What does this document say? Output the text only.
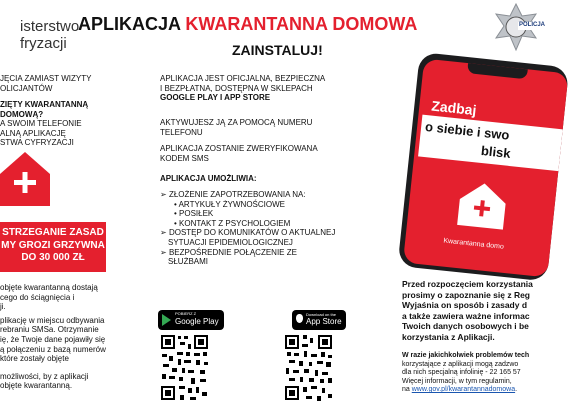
isterstwo
fryzacji
APLIKACJA KWARANTANNA DOMOWA
ZAINSTALUJ!
POLICJA
JĘCIA ZAMIAST WIZYTY
OLICJANTÓW
ZIĘTY KWARANTANNĄ
DOMOWĄ?
A SWOIM TELEFONIE
ALNĄ APLIKACJĘ
STWA CYFRYZACJI
STRZEGANIE ZASAD
MY GROZI GRZYWNA
DO 30 000 ZŁ
objęte kwarantanną dostają
cego do ściągnięcia i
ji.
plikację w miejscu odbywania
rebraniu SMSa. Otrzymanie
ię, że Twoje dane pojawiły się
ą połączeniu z bazą numerów
które zostały objęte
możliwości, by z aplikacji
objęte kwarantanną.
APLIKACJA JEST OFICJALNA, BEZPIECZNA
I BEZPŁATNA, DOSTĘPNA W SKLEPACH
GOOGLE PLAY I APP STORE
AKTYWUJESZ JĄ ZA POMOCĄ NUMERU
TELEFONU
APLIKACJA ZOSTANIE ZWERYFIKOWANA
KODEM SMS
APLIKACJA UMOŻLIWIA:
➢ ZŁOŻENIE ZAPOTRZEBOWANIA NA:
• ARTYKUŁY ŻYWNOŚCIOWE
• POSIŁEK
• KONTAKT Z PSYCHOLOGIEM
➢ DOSTĘP DO KOMUNIKATÓW O AKTUALNEJ
SYTUACJI EPIDEMIOLOGICZNEJ
➢ BEZPOŚREDNIE POŁĄCZENIE ZE
SŁUŻBAMI
POBIERZ Z
Google Play
Download on the
App Store
Zadbaj
o siebie i swo
blisk
Kwarantanna domo
Przed rozpoczęciem korzystania
prosimy o zapoznanie się z Reg
Wyjaśnia on sposób i zasady d
a także zawiera ważne informac
Twoich danych osobowych i be
korzystania z Aplikacji.
W razie jakichkolwiek problemów tech
korzystające z aplikacji mogą zadzwo
dla nich specjalną infolinię - 22 165 57
Więcej informacji, w tym regulamin,
na www.gov.pl/kwarantannadomowa.
